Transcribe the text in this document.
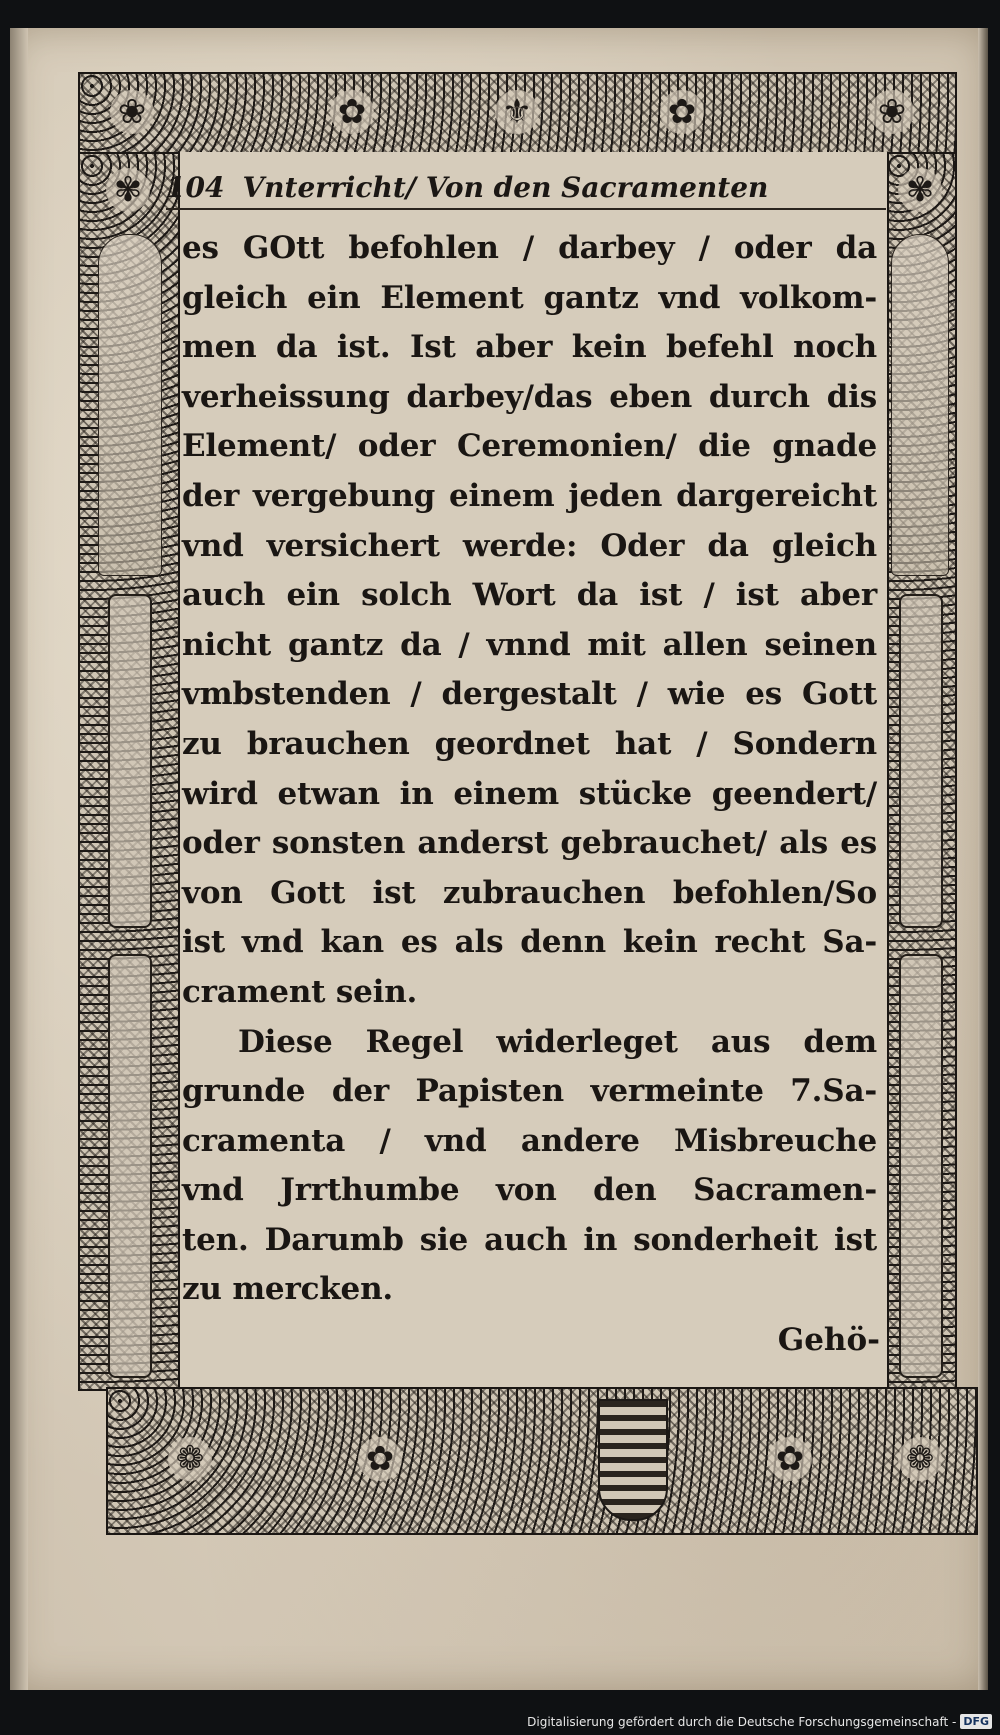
❀	✿	⚜	✿	❀
✾	✾
❁	✿	✿	❁
104 Vnterricht/ Von den Sacramenten
es GOtt befohlen / darbey / oder da
gleich ein Element gantz vnd volkom-
men da ist. Ist aber kein befehl noch
verheissung darbey/das eben durch dis
Element/ oder Ceremonien/ die gnade
der vergebung einem jeden dargereicht
vnd versichert werde: Oder da gleich
auch ein solch Wort da ist / ist aber
nicht gantz da / vnnd mit allen seinen
vmbstenden / dergestalt / wie es Gott
zu brauchen geordnet hat / Sondern
wird etwan in einem stücke geendert/
oder sonsten anderst gebrauchet/ als es
von Gott ist zubrauchen befohlen/So
ist vnd kan es als denn kein recht Sa-
crament sein.
Diese Regel widerleget aus dem
grunde der Papisten vermeinte 7.Sa-
cramenta / vnd andere Misbreuche
vnd Jrrthumbe von den Sacramen-
ten. Darumb sie auch in sonderheit ist
zu mercken.
Gehö-
Digitalisierung gefördert durch die Deutsche Forschungsgemeinschaft - DFG
